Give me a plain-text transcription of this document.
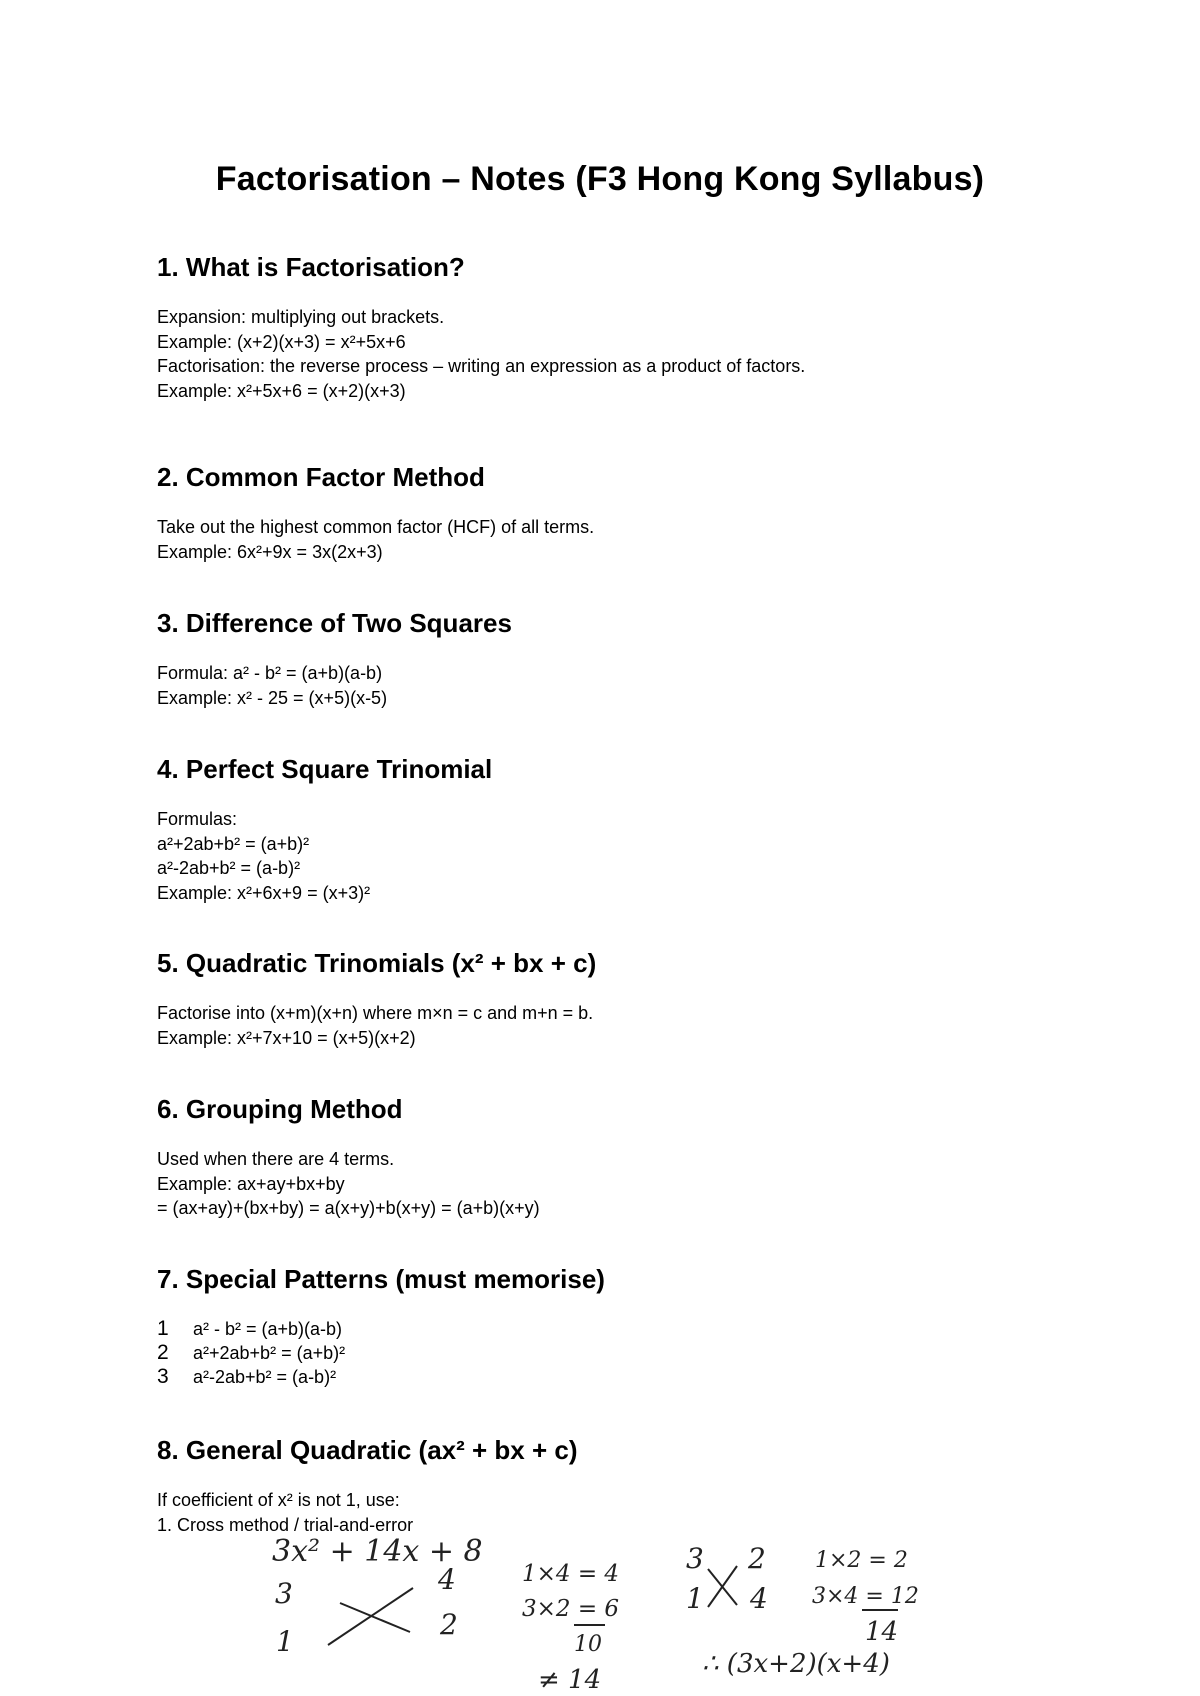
Factorisation – Notes (F3 Hong Kong Syllabus)
1. What is Factorisation?

Expansion: multiplying out brackets.

Example: (x+2)(x+3) = x²+5x+6

Factorisation: the reverse process – writing an expression as a product of factors.

Example: x²+5x+6 = (x+2)(x+3)

2. Common Factor Method

Take out the highest common factor (HCF) of all terms.

Example: 6x²+9x = 3x(2x+3)

3. Difference of Two Squares

Formula: a² - b² = (a+b)(a-b)

Example: x² - 25 = (x+5)(x-5)

4. Perfect Square Trinomial

Formulas:

a²+2ab+b² = (a+b)²

a²-2ab+b² = (a-b)²

Example: x²+6x+9 = (x+3)²

5. Quadratic Trinomials (x² + bx + c)

Factorise into (x+m)(x+n) where m×n = c and m+n = b.

Example: x²+7x+10 = (x+5)(x+2)

6. Grouping Method

Used when there are 4 terms.

Example: ax+ay+bx+by

= (ax+ay)+(bx+by) = a(x+y)+b(x+y) = (a+b)(x+y)

7. Special Patterns (must memorise)
1	a² - b² = (a+b)(a-b)
2	a²+2ab+b² = (a+b)²
3	a²-2ab+b² = (a-b)²
8. General Quadratic (ax² + bx + c)

If coefficient of x² is not 1, use:

1. Cross method / trial-and-error

3x² + 14x + 8
3	4
1
2
1×4 = 4
3×2 = 6
10
≠ 14
3 2
1 4
1×2 = 2
3×4 = 12
14
∴ (3x+2)(x+4)
